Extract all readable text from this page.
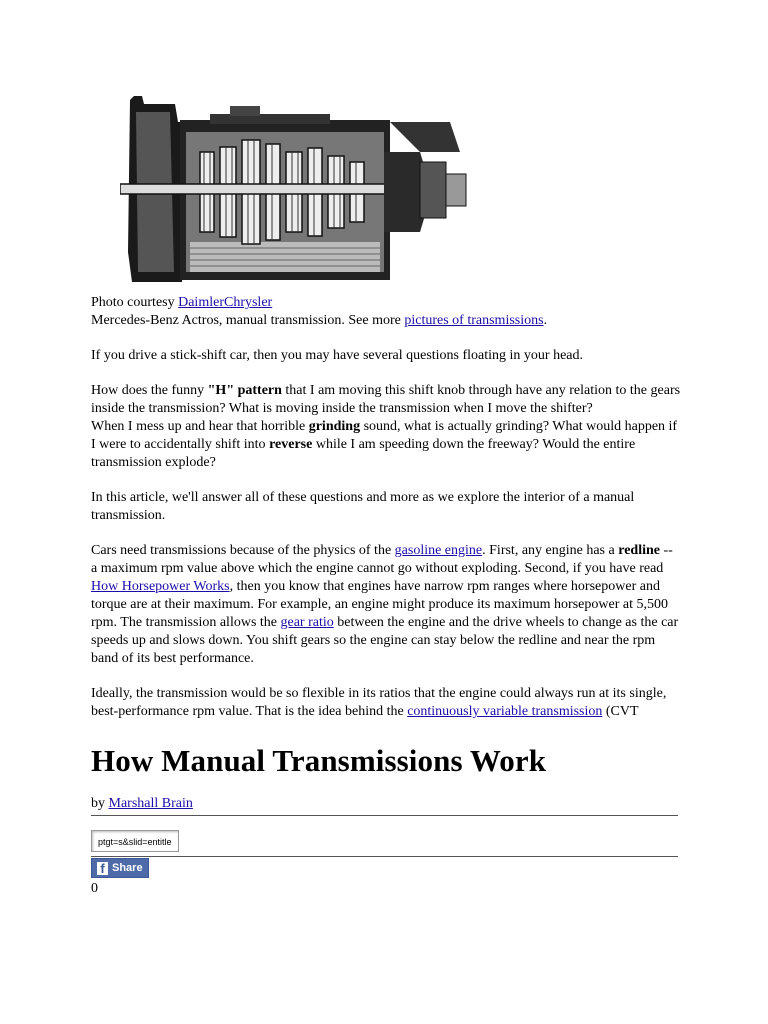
Photo courtesy DaimlerChrysler

Mercedes-Benz Actros, manual transmission. See more pictures of transmissions.

If you drive a stick-shift car, then you may have several questions floating in your head.

How does the funny "H" pattern that I am moving this shift knob through have any relation to the gears inside the transmission? What is moving inside the transmission when I move the shifter?

When I mess up and hear that horrible grinding sound, what is actually grinding? What would happen if I were to accidentally shift into reverse while I am speeding down the freeway? Would the entire transmission explode?

In this article, we'll answer all of these questions and more as we explore the interior of a manual transmission.

Cars need transmissions because of the physics of the gasoline engine. First, any engine has a redline -- a maximum rpm value above which the engine cannot go without exploding. Second, if you have read How Horsepower Works, then you know that engines have narrow rpm ranges where horsepower and torque are at their maximum. For example, an engine might produce its maximum horsepower at 5,500 rpm. The transmission allows the gear ratio between the engine and the drive wheels to change as the car speeds up and slows down. You shift gears so the engine can stay below the redline and near the rpm band of its best performance.

Ideally, the transmission would be so flexible in its ratios that the engine could always run at its single, best-performance rpm value. That is the idea behind the continuously variable transmission (CVT

How Manual Transmissions Work
by Marshall Brain
ptgt=s&slid=entitle
f Share
0
